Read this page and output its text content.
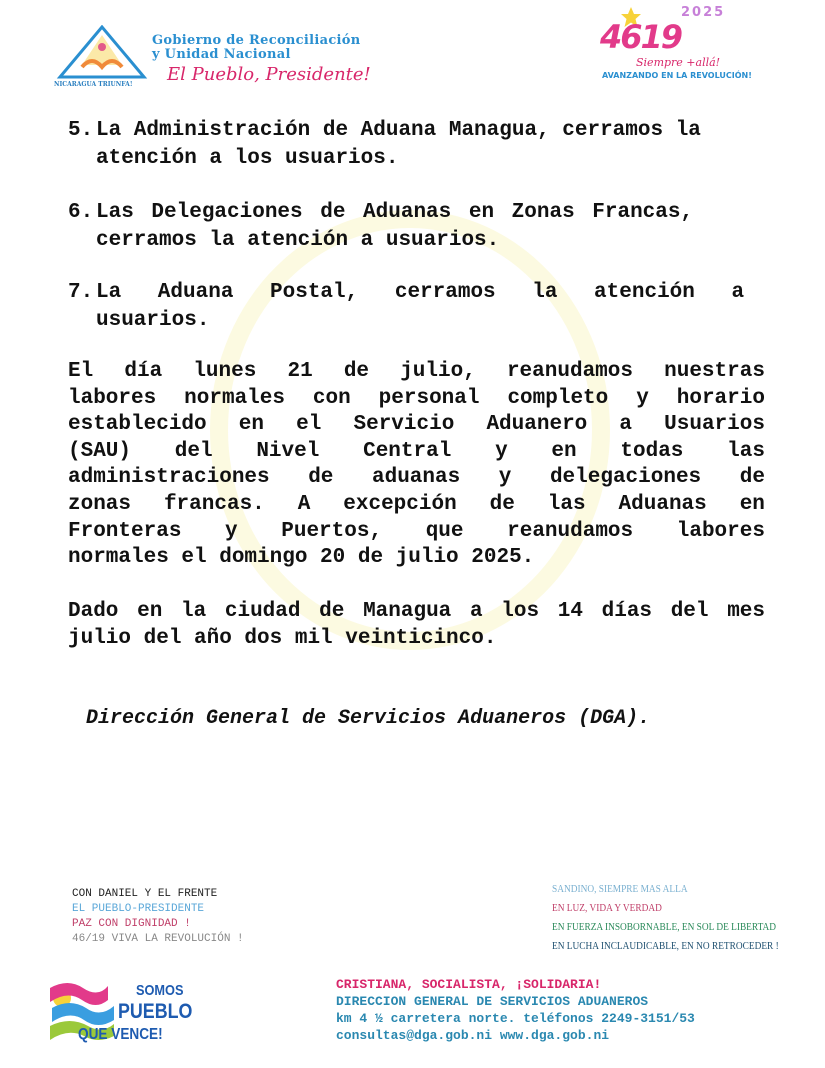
NICARAGUA TRIUNFA!
Gobierno de Reconciliación
y Unidad Nacional
El Pueblo, Presidente!
2025
4619
Siempre +allá!
AVANZANDO EN LA REVOLUCIÓN!
5. La Administración de Aduana Managua, cerramos la
atención a los usuarios.
6. Las Delegaciones de Aduanas en Zonas Francas,
cerramos la atención a usuarios.
7. La Aduana Postal, cerramos la atención a
usuarios.
El día lunes 21 de julio, reanudamos nuestras
labores normales con personal completo y horario
establecido en el Servicio Aduanero a Usuarios
(SAU) del Nivel Central y en todas las
administraciones de aduanas y delegaciones de
zonas francas. A excepción de las Aduanas en
Fronteras y Puertos, que reanudamos labores
normales el domingo 20 de julio 2025.
Dado en la ciudad de Managua a los 14 días del mes
julio del año dos mil veinticinco.
Dirección General de Servicios Aduaneros (DGA).
CON DANIEL Y EL FRENTE
EL PUEBLO-PRESIDENTE
PAZ CON DIGNIDAD !
46/19 VIVA LA REVOLUCIÓN !
SANDINO, SIEMPRE MAS ALLA
EN LUZ, VIDA Y VERDAD
EN FUERZA INSOBORNABLE, EN SOL DE LIBERTAD
EN LUCHA INCLAUDICABLE, EN NO RETROCEDER !
SOMOS
PUEBLO
QUE VENCE!
CRISTIANA, SOCIALISTA, ¡SOLIDARIA!
DIRECCION GENERAL DE SERVICIOS ADUANEROS
km 4 ½ carretera norte. teléfonos 2249-3151/53
consultas@dga.gob.ni www.dga.gob.ni
